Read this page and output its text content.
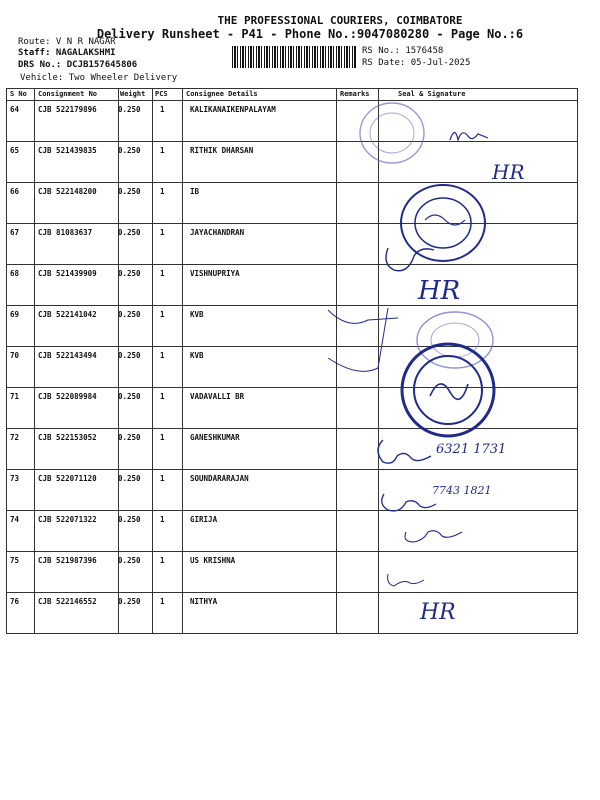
THE PROFESSIONAL COURIERS, COIMBATORE
Delivery Runsheet - P41 - Phone No.:9047080280 - Page No.:6
Route: V N R NAGAR
Staff: NAGALAKSHMI
DRS No.: DCJB157645806
Vehicle: Two Wheeler Delivery
RS No.: 1576458
RS Date: 05-Jul-2025
S No Consignment No	Weight PCS	Consignee Details	Remarks	Seal & Signature
64	CJB 522179896	0.250	1	KALIKANAIKENPALAYAM
65	CJB 521439835	0.250	1	RITHIK DHARSAN
66	CJB 522148200	0.250	1	IB
67	CJB 81083637	0.250	1	JAYACHANDRAN
68	CJB 521439909	0.250	1	VISHNUPRIYA
69	CJB 522141042	0.250	1	KVB
70	CJB 522143494	0.250	1	KVB
71	CJB 522089984	0.250	1	VADAVALLI BR
72	CJB 522153052	0.250	1	GANESHKUMAR
73	CJB 522071120	0.250	1	SOUNDARARAJAN
74	CJB 522071322	0.250	1	GIRIJA
75	CJB 521987396	0.250	1	US KRISHNA
76	CJB 522146552	0.250	1	NITHYA
HR
HR
HR
6321 1731
7743 1821
